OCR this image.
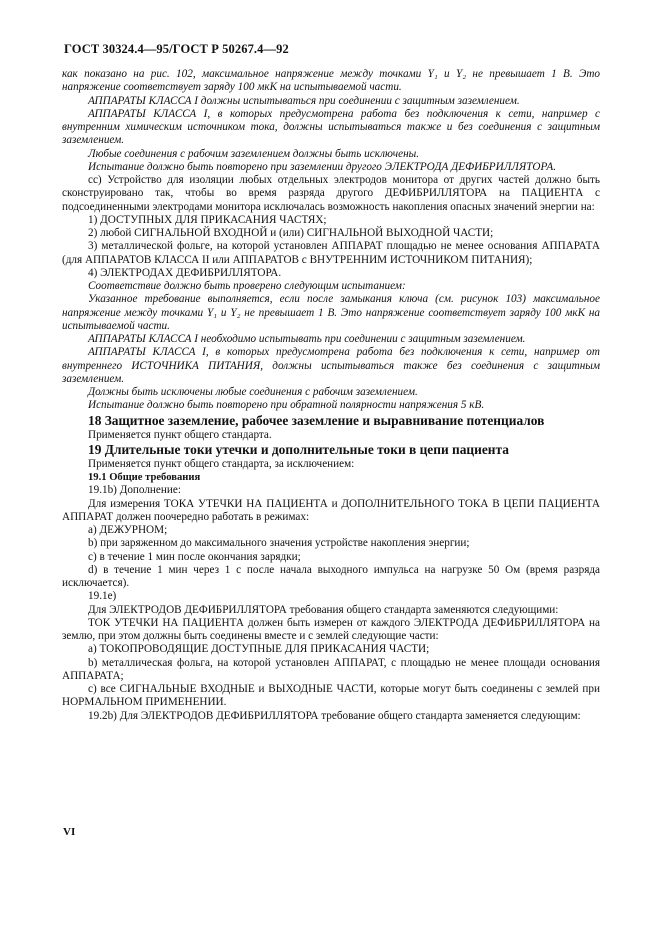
ГОСТ 30324.4—95/ГОСТ Р 50267.4—92

как показано на рис. 102, максимальное напряжение между точками Y₁ и Y₂ не превышает 1 В. Это напряжение соответствует заряду 100 мкК на испытываемой части.

АППАРАТЫ КЛАССА I должны испытываться при соединении с защитным заземлением.

АППАРАТЫ КЛАССА I, в которых предусмотрена работа без подключения к сети, например с внутренним химическим источником тока, должны испытываться также и без соединения с защитным заземлением.

Любые соединения с рабочим заземлением должны быть исключены.

Испытание должно быть повторено при заземлении другого ЭЛЕКТРОДА ДЕФИБРИЛЛЯТОРА.

сс) Устройство для изоляции любых отдельных электродов монитора от других частей должно быть сконструировано так, чтобы во время разряда другого ДЕФИБРИЛЛЯТОРА на ПАЦИЕНТА с подсоединенными электродами монитора исключалась возможность накопления опасных значений энергии на:

1) ДОСТУПНЫХ ДЛЯ ПРИКАСАНИЯ ЧАСТЯХ;

2) любой СИГНАЛЬНОЙ ВХОДНОЙ и (или) СИГНАЛЬНОЙ ВЫХОДНОЙ ЧАСТИ;

3) металлической фольге, на которой установлен АППАРАТ площадью не менее основания АППАРАТА (для АППАРАТОВ КЛАССА II или АППАРАТОВ с ВНУТРЕННИМ ИСТОЧНИКОМ ПИТАНИЯ);

4) ЭЛЕКТРОДАХ ДЕФИБРИЛЛЯТОРА.

Соответствие должно быть проверено следующим испытанием:

Указанное требование выполняется, если после замыкания ключа (см. рисунок 103) максимальное напряжение между точками Y₁ и Y₂ не превышает 1 В. Это напряжение соответствует заряду 100 мкК на испытываемой части.

АППАРАТЫ КЛАССА I необходимо испытывать при соединении с защитным заземлением.

АППАРАТЫ КЛАССА I, в которых предусмотрена работа без подключения к сети, например от внутреннего ИСТОЧНИКА ПИТАНИЯ, должны испытываться также без соединения с защитным заземлением.

Должны быть исключены любые соединения с рабочим заземлением.

Испытание должно быть повторено при обратной полярности напряжения 5 кВ.

18 Защитное заземление, рабочее заземление и выравнивание потенциалов

Применяется пункт общего стандарта.

19 Длительные токи утечки и дополнительные токи в цепи пациента

Применяется пункт общего стандарта, за исключением:

19.1 Общие требования

19.1b) Дополнение:

Для измерения ТОКА УТЕЧКИ НА ПАЦИЕНТА и ДОПОЛНИТЕЛЬНОГО ТОКА В ЦЕПИ ПАЦИЕНТА АППАРАТ должен поочередно работать в режимах:

а) ДЕЖУРНОМ;

b) при заряженном до максимального значения устройстве накопления энергии;

с) в течение 1 мин после окончания зарядки;

d) в течение 1 мин через 1 с после начала выходного импульса на нагрузке 50 Ом (время разряда исключается).

19.1е)

Для ЭЛЕКТРОДОВ ДЕФИБРИЛЛЯТОРА требования общего стандарта заменяются следующими:

ТОК УТЕЧКИ НА ПАЦИЕНТА должен быть измерен от каждого ЭЛЕКТРОДА ДЕФИБРИЛЛЯТОРА на землю, при этом должны быть соединены вместе и с землей следующие части:

а) ТОКОПРОВОДЯЩИЕ ДОСТУПНЫЕ ДЛЯ ПРИКАСАНИЯ ЧАСТИ;

b) металлическая фольга, на которой установлен АППАРАТ, с площадью не менее площади основания АППАРАТА;

с) все СИГНАЛЬНЫЕ ВХОДНЫЕ и ВЫХОДНЫЕ ЧАСТИ, которые могут быть соединены с землей при НОРМАЛЬНОМ ПРИМЕНЕНИИ.

19.2b) Для ЭЛЕКТРОДОВ ДЕФИБРИЛЛЯТОРА требование общего стандарта заменяется следующим:

VI
